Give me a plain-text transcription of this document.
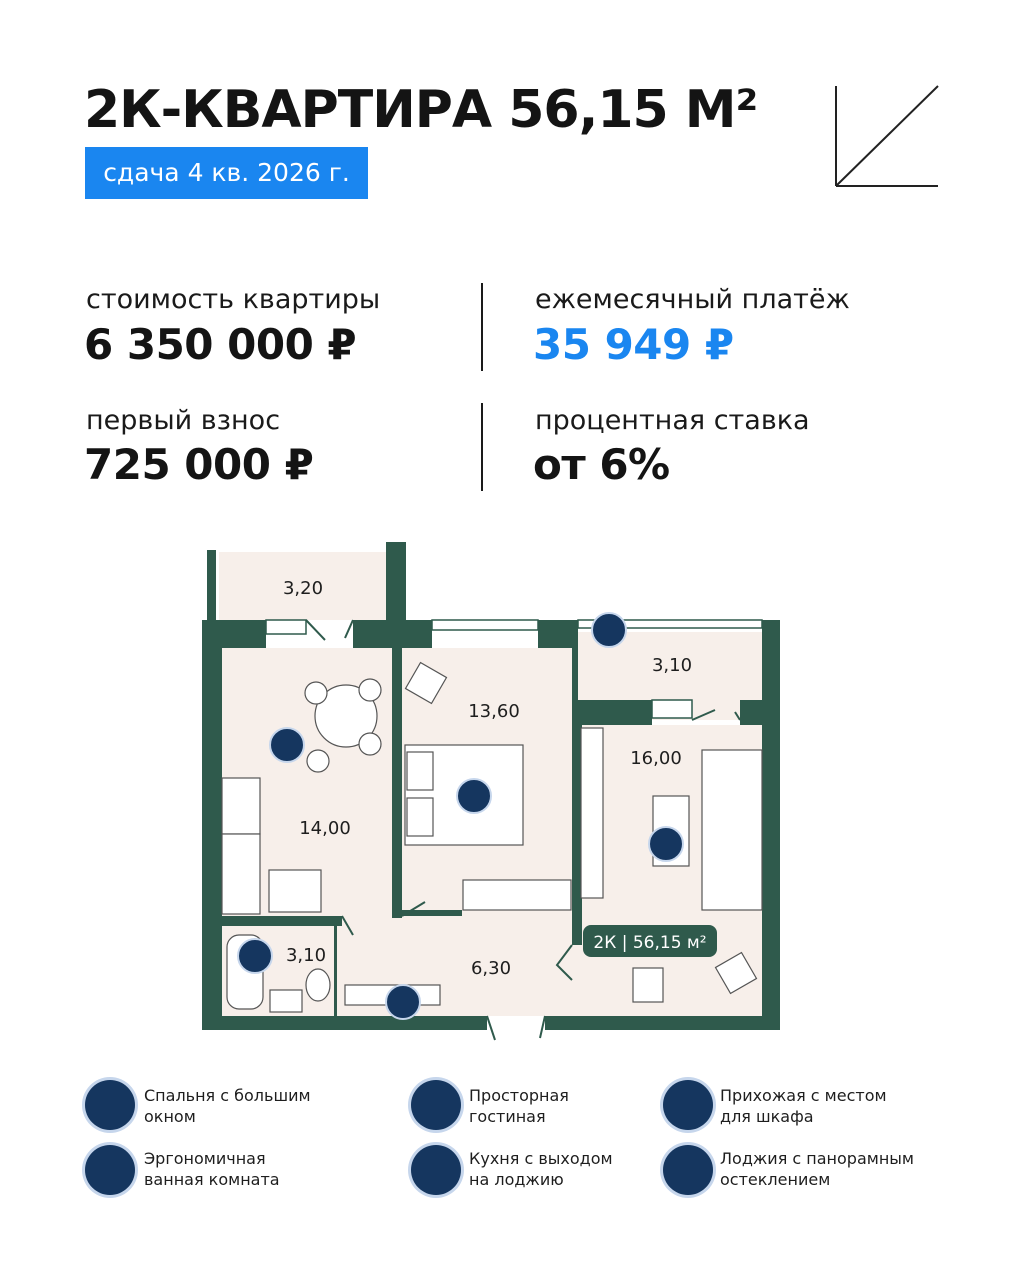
2К-КВАРТИРА 56,15 М²
сдача 4 кв. 2026 г.
стоимость квартиры
6 350 000 ₽
первый взнос
725 000 ₽
ежемесячный платёж
35 949 ₽
процентная ставка
от 6%
3,20
14,00
13,60
3,10
16,00
3,10
6,30
2К | 56,15 м²
Спальня с большим окном
Просторная гостиная
Прихожая с местом для шкафа
Эргономичная ванная комната
Кухня с выходом на лоджию
Лоджия с панорамным остеклением
